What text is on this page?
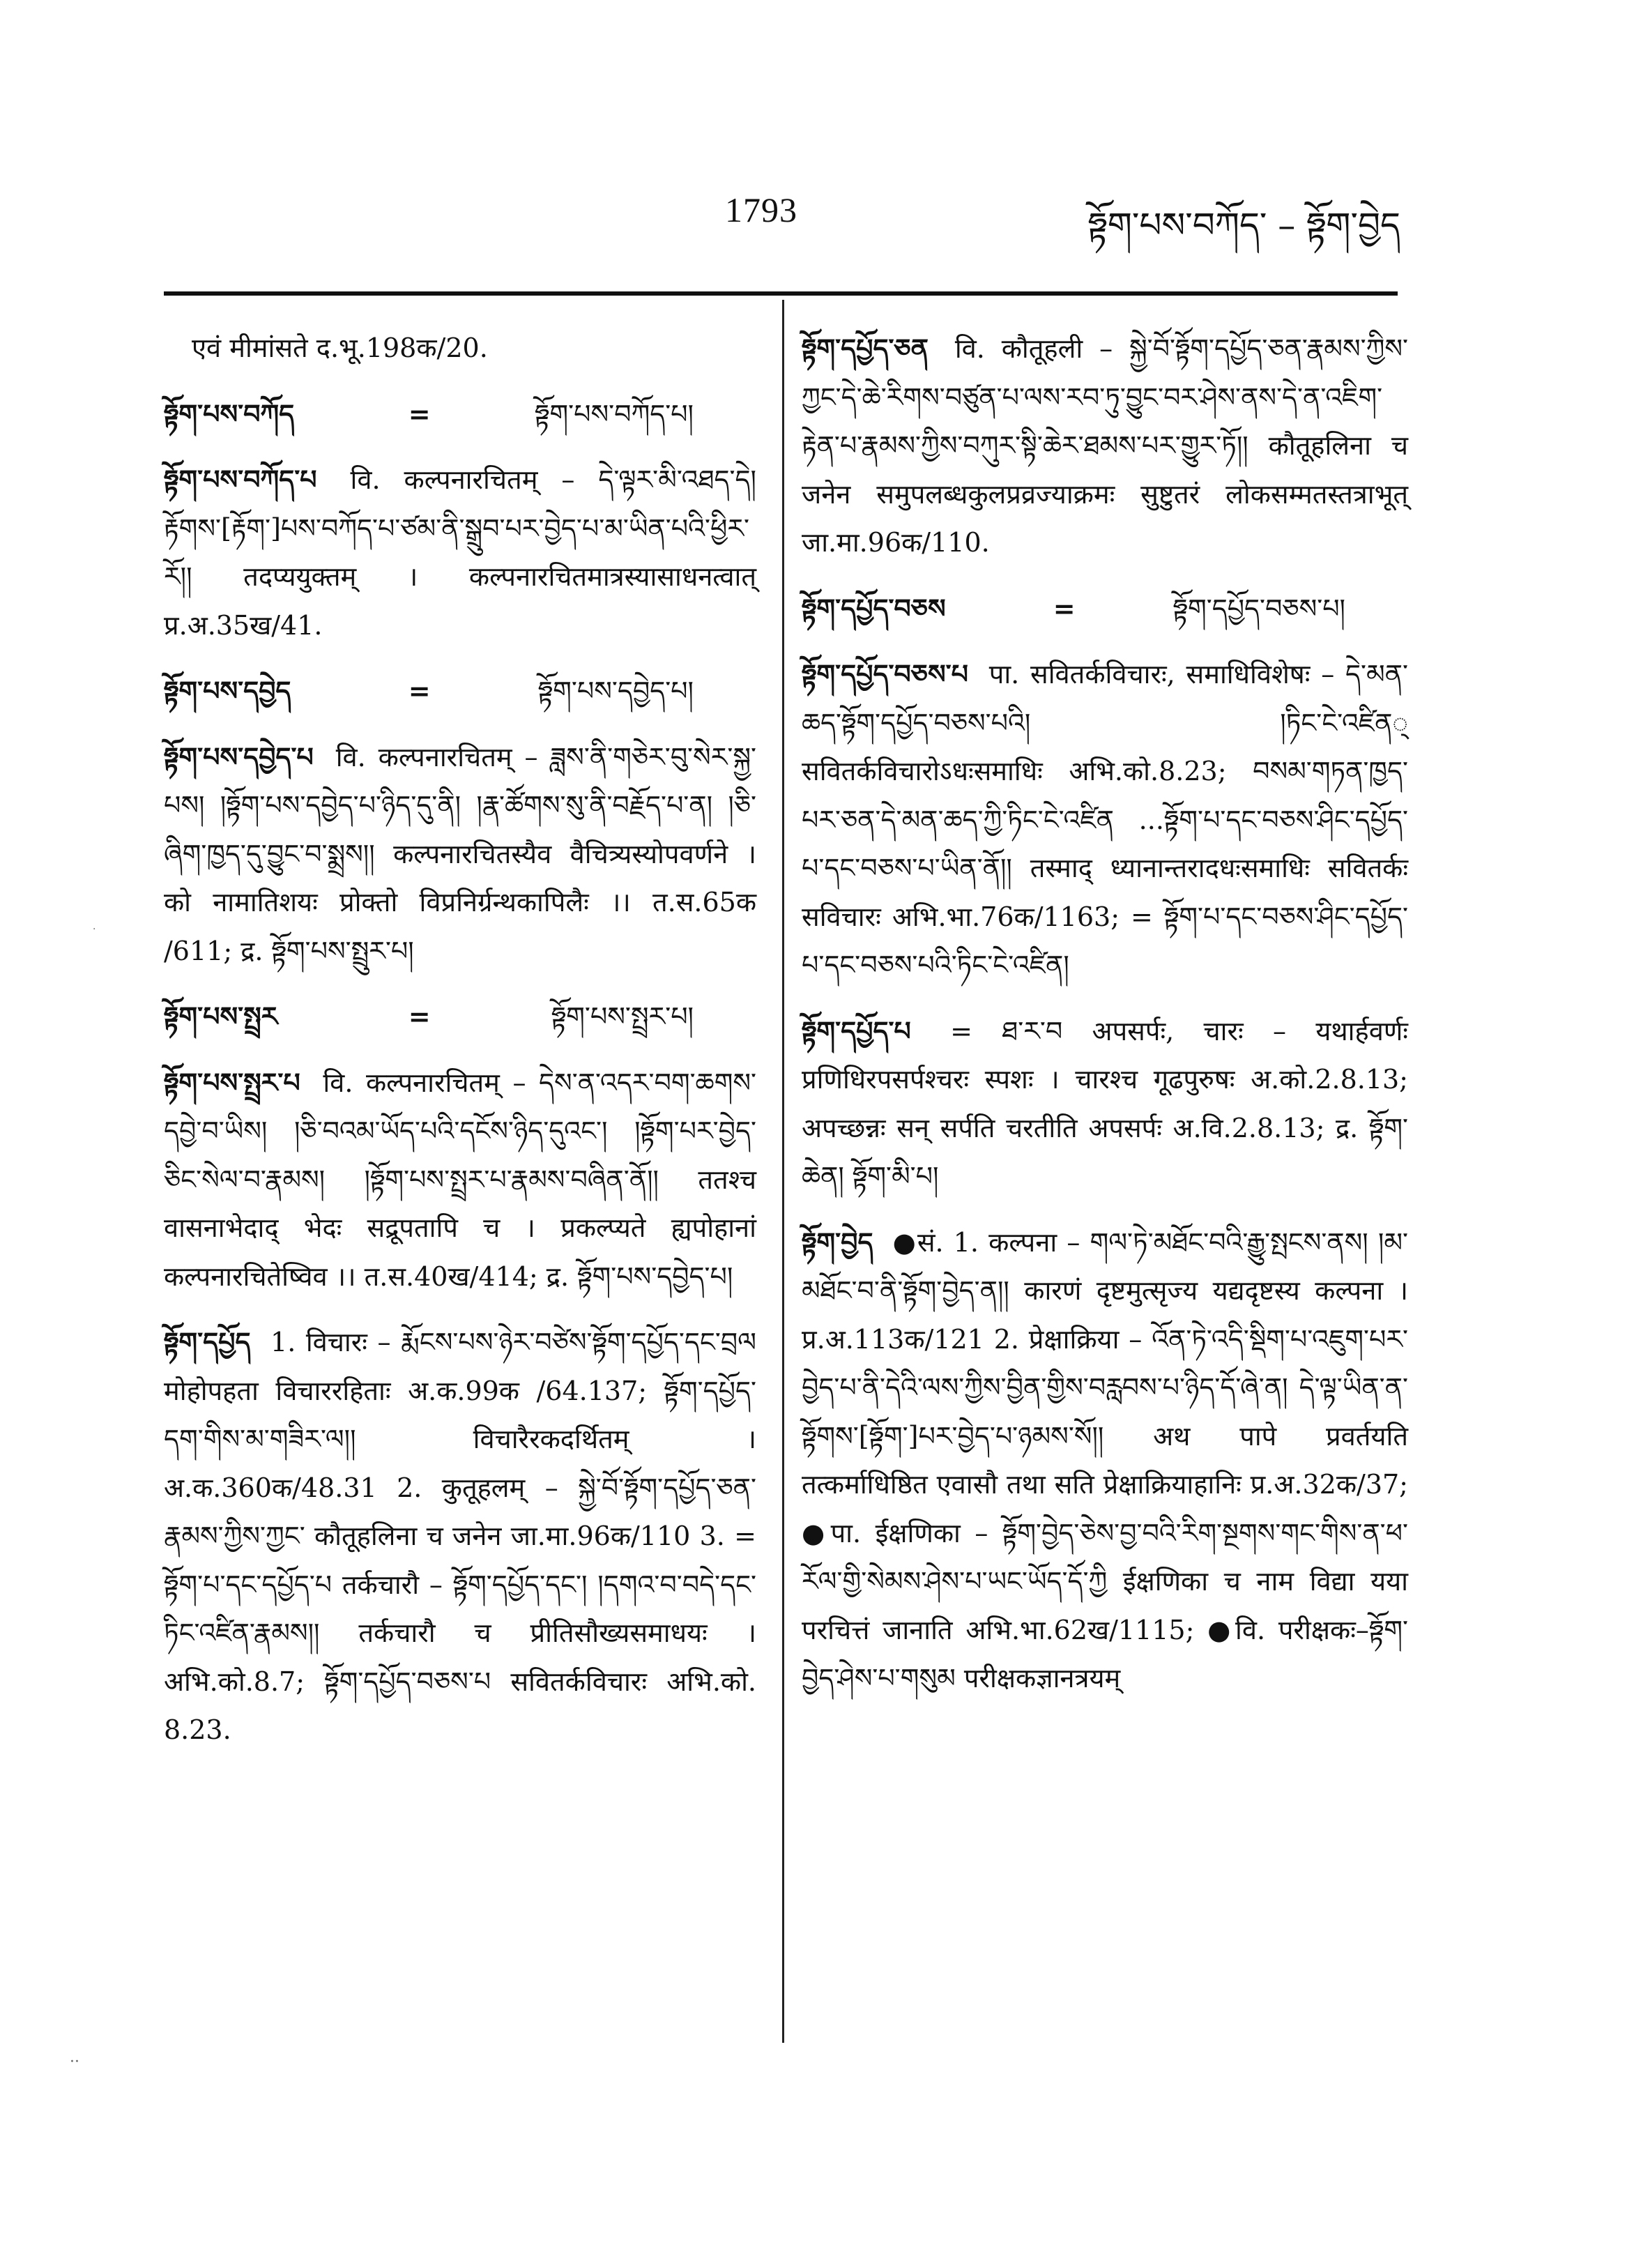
1793	ཧྟོག་པས་བཀོད་ – ཧྟོག་བྱེད
एवं मीमांसते द.भू.198क/20.
ཧྟོག་པས་བཀོད	=	ཧྟོག་པས་བཀོད་པ།
ཧྟོག་པས་བཀོད་པ वि. कल्पनारचितम् – དེ་ལྟར་མི་འཐད་དེ། རྟོགས་[རྟོག་]པས་བཀོད་པ་ཙམ་ནི་སྒྲུབ་པར་བྱེད་པ་མ་ཡིན་པའི་ཕྱིར་རོ།། तदप्ययुक्तम् । कल्पनारचितमात्रस्यासाधनत्वात् प्र.अ.35ख/41.
ཧྟོག་པས་དབྱེད	=	ཧྟོག་པས་དབྱེད་པ།
ཧྟོག་པས་དབྱེད་པ वि. कल्पनारचितम् – ཟླས་ནི་གཅེར་བུ་སེར་སྐྱ་པས། །ཧྟོག་པས་དབྱེད་པ་ཉིད་དུ་ནི། །རྣ་ཚོགས་སུ་ནི་བརྗོད་པ་ན། །ཅི་ཞིག་ཁྱད་དུ་བྱུང་བ་སྨྲས།། कल्पनारचितस्यैव वैचित्र्यस्योपवर्णने । को नामातिशयः प्रोक्तो विप्रनिर्ग्रन्थकापिलैः ।। त.स.65क /611; द्र. ཧྟོག་པས་སྤྲུར་པ།
ཧྟོག་པས་སྤྲར	=	ཧྟོག་པས་སྤྲར་པ།
ཧྟོག་པས་སྤྲར་པ वि. कल्पनारचितम् – དེས་ན་འདར་བག་ཆགས་དབྱེ་བ་ཡིས། །ཅི་བའམ་ཡོད་པའི་དངོས་ཉིད་དུའང་། །ཧྟོག་པར་བྱེད་ཅིང་སེལ་བ་རྣམས། །ཧྟོག་པས་སྤྲར་པ་རྣམས་བཞིན་ནོ།། ततश्च वासनाभेदाद् भेदः सद्रूपतापि च । प्रकल्प्यते ह्यपोहानां कल्पनारचितेष्विव ।। त.स.40ख/414; द्र. ཧྟོག་པས་དབྱེད་པ།
ཧྟོག་དཔྱོད 1. विचारः – རྨོངས་པས་ཉེར་བཙེས་ཧྟོག་དཔྱོད་དང་བྲལ मोहोपहता विचाररहिताः अ.क.99क /64.137; ཧྟོག་དཔྱོད་དག་གིས་མ་གཟིར་ལ།། विचारैरकदर्थितम् । अ.क.360क/48.31 2. कुतूहलम् – སྐྱེ་བོ་ཧྟོག་དཔྱོད་ཅན་རྣམས་ཀྱིས་ཀྱང་ कौतूहलिना च जनेन जा.मा.96क/110 3. = ཧྟོག་པ་དང་དཔྱོད་པ तर्कचारौ – ཧྟོག་དཔྱོད་དང་། །དགའ་བ་བདེ་དང་ཏིང་འཛིན་རྣམས།། तर्कचारौ च प्रीतिसौख्यसमाधयः । अभि.को.8.7; ཧྟོག་དཔྱོད་བཅས་པ सवितर्कविचारः अभि.को. 8.23.
ཧྟོག་དཔྱོད་ཅན वि. कौतूहली – སྐྱེ་བོ་ཧྟོག་དཔྱོད་ཅན་རྣམས་ཀྱིས་ཀྱང་དེ་ཆེ་རིགས་བཙུན་པ་ལས་རབ་ཏུ་བྱུང་བར་ཤེས་ནས་དེ་ན་འཇིག་རྟེན་པ་རྣམས་ཀྱིས་བཀུར་སྟི་ཆེར་ཐམས་པར་གྱུར་ཏོ།། कौतूहलिना च जनेन समुपलब्धकुलप्रव्रज्याक्रमः सुष्टुतरं लोकसम्मतस्तत्राभूत् जा.मा.96क/110.
ཧྟོག་དཔྱོད་བཅས	=	ཧྟོག་དཔྱོད་བཅས་པ།
ཧྟོག་དཔྱོད་བཅས་པ पा. सवितर्कविचारः, समाधिविशेषः – དེ་མན་ཆད་ཧྟོག་དཔྱོད་བཅས་པའི། །ཏིང་ངེ་འཛིན् सवितर्कविचारोऽधःसमाधिः अभि.को.8.23; བསམ་གཏན་ཁྱད་པར་ཅན་དེ་མན་ཆད་ཀྱི་ཏིང་ངེ་འཛིན ...ཧྟོག་པ་དང་བཅས་ཤིང་དཔྱོད་པ་དང་བཅས་པ་ཡིན་ནོ།། तस्माद् ध्यानान्तरादधःसमाधिः सवितर्कः सविचारः अभि.भा.76क/1163; = ཧྟོག་པ་དང་བཅས་ཤིང་དཔྱོད་པ་དང་བཅས་པའི་ཏིང་ངེ་འཛིན།
ཧྟོག་དཔྱོད་པ = ཐ་ར་བ अपसर्पः, चारः – यथार्हवर्णः प्रणिधिरपसर्पश्चरः स्पशः । चारश्च गूढपुरुषः अ.को.2.8.13; अपच्छन्नः सन् सर्पति चरतीति अपसर्पः अ.वि.2.8.13; द्र. ཧྟོག་ཆེན། ཧྟོག་མི་པ།
ཧྟོག་བྱེད ●सं. 1. कल्पना – གལ་ཏེ་མཐོང་བའི་རྒྱུ་སྤངས་ནས། །མ་མཐོང་བ་ནི་ཧྟོག་བྱེད་ན།། कारणं दृष्टमुत्सृज्य यद्यदृष्टस्य कल्पना । प्र.अ.113क/121 2. प्रेक्षाक्रिया – འོན་ཏེ་འདི་སྡིག་པ་འཇུག་པར་བྱེད་པ་ནི་དེའི་ལས་ཀྱིས་བྱིན་གྱིས་བརླབས་པ་ཉིད་དོ་ཞེ་ན། དེ་ལྟ་ཡིན་ན་ཧྟོགས་[ཧྟོག་]པར་བྱེད་པ་ཉམས་སོ།། अथ पापे प्रवर्तयति तत्कर्माधिष्ठित एवासौ तथा सति प्रेक्षाक्रियाहानिः प्र.अ.32क/37; ●पा. ईक्षणिका – ཧྟོག་བྱེད་ཅེས་བྱ་བའི་རིག་སྔགས་གང་གིས་ན་ཕ་རོལ་གྱི་སེམས་ཤེས་པ་ཡང་ཡོད་དོ་ཀྱི ईक्षणिका च नाम विद्या यया परचित्तं जानाति अभि.भा.62ख/1115; ●वि. परीक्षकः–ཧྟོག་བྱེད་ཤེས་པ་གསུམ परीक्षकज्ञानत्रयम्
··
·
